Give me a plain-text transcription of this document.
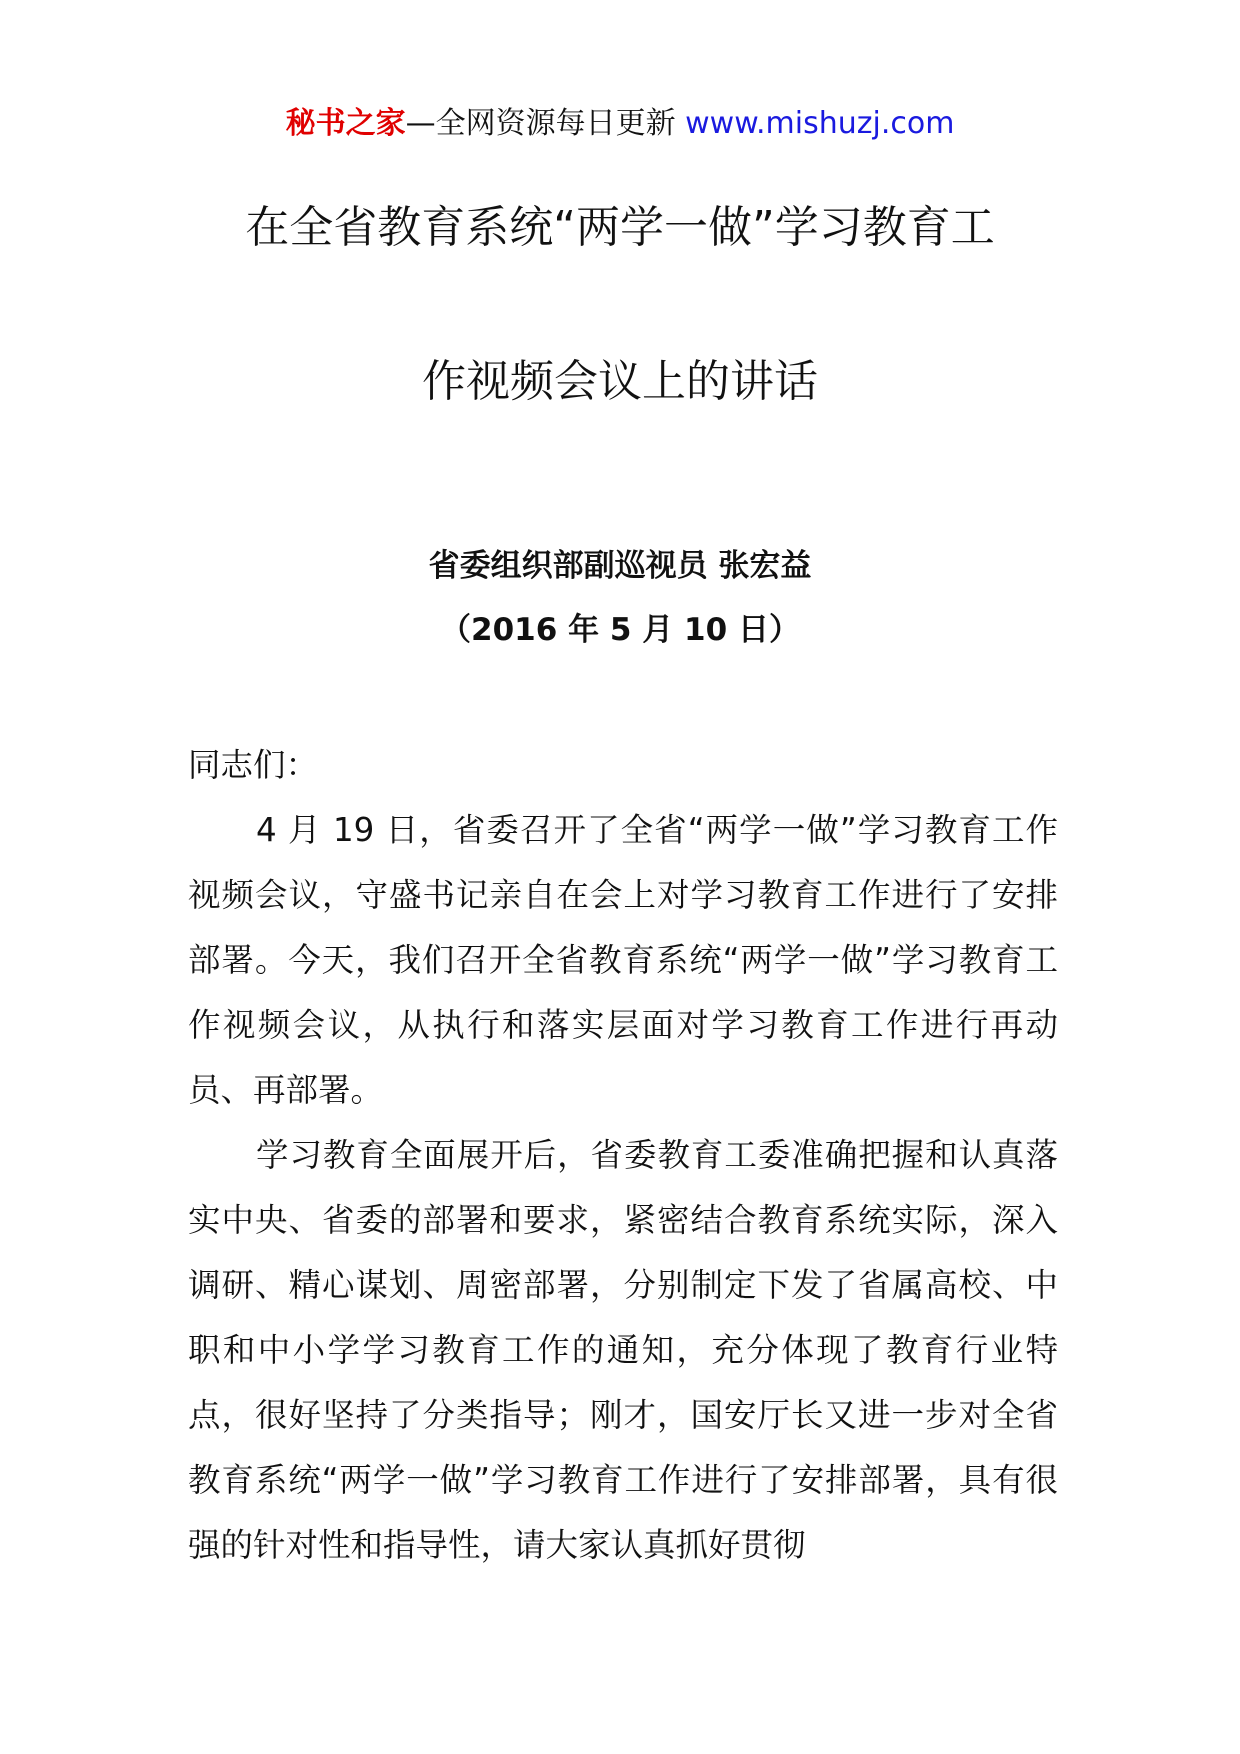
秘书之家—全网资源每日更新 www.mishuzj.com
在全省教育系统“两学一做”学习教育工
作视频会议上的讲话
省委组织部副巡视员 张宏益
（2016 年 5 月 10 日）
同志们：
4 月 19 日，省委召开了全省“两学一做”学习教育工作视频会议，守盛书记亲自在会上对学习教育工作进行了安排部署。今天，我们召开全省教育系统“两学一做”学习教育工作视频会议，从执行和落实层面对学习教育工作进行再动员、再部署。
学习教育全面展开后，省委教育工委准确把握和认真落实中央、省委的部署和要求，紧密结合教育系统实际，深入调研、精心谋划、周密部署，分别制定下发了省属高校、中职和中小学学习教育工作的通知，充分体现了教育行业特点，很好坚持了分类指导；刚才，国安厅长又进一步对全省教育系统“两学一做”学习教育工作进行了安排部署，具有很强的针对性和指导性，请大家认真抓好贯彻
